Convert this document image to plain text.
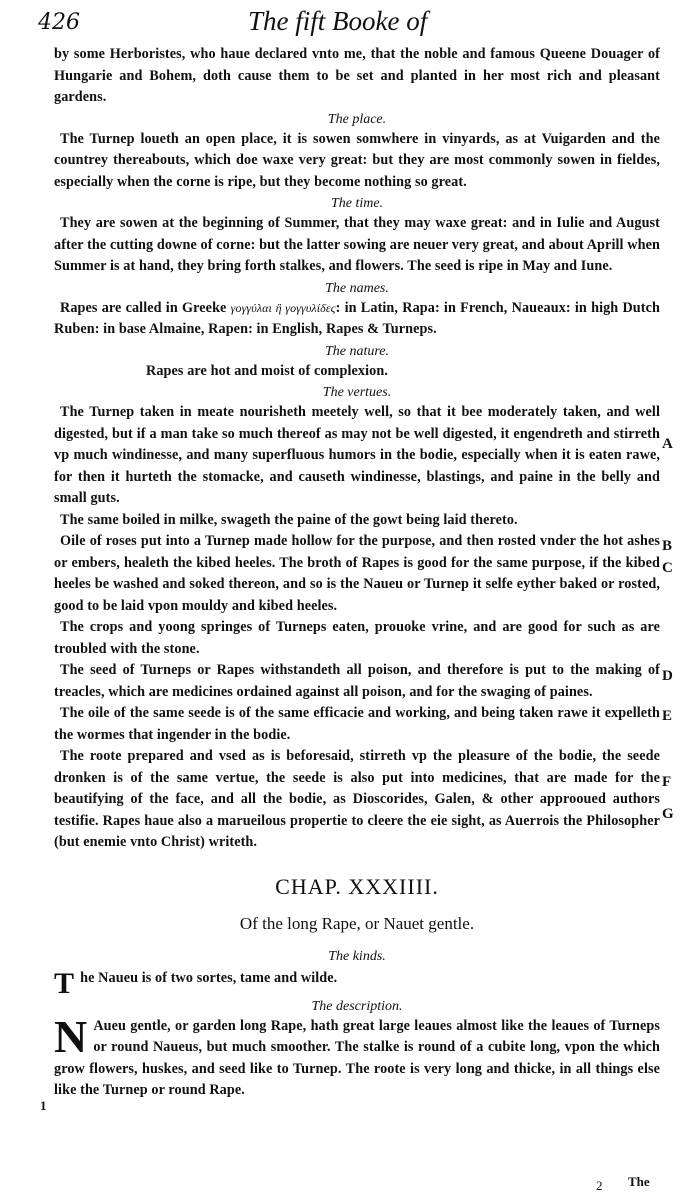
426	The fift Booke of

by some Herboristes, who haue declared vnto me, that the noble and famous Queene Douager of Hungarie and Bohem, doth cause them to be set and planted in her most rich and pleasant gardens.

The place.

The Turnep loueth an open place, it is sowen somwhere in vinyards, as at Vuigarden and the countrey thereabouts, which doe waxe very great: but they are most commonly sowen in fieldes, especially when the corne is ripe, but they become nothing so great.

The time.

They are sowen at the beginning of Summer, that they may waxe great: and in Iulie and August after the cutting downe of corne: but the latter sowing are neuer very great, and about Aprill when Summer is at hand, they bring forth stalkes, and flowers. The seed is ripe in May and Iune.

The names.

Rapes are called in Greeke γογγύλαι ἢ γογγυλίδες: in Latin, Rapa: in French, Naueaux: in high Dutch Ruben: in base Almaine, Rapen: in English, Rapes & Turneps.

The nature.

Rapes are hot and moist of complexion.

The vertues.

The Turnep taken in meate nourisheth meetely well, so that it bee moderately taken, and well digested, but if a man take so much thereof as may not be well digested, it engendreth and stirreth vp much windinesse, and many superfluous humors in the bodie, especially when it is eaten rawe, for then it hurteth the stomacke, and causeth windinesse, blastings, and paine in the belly and small guts.

The same boiled in milke, swageth the paine of the gowt being laid thereto.

Oile of roses put into a Turnep made hollow for the purpose, and then rosted vnder the hot ashes or embers, healeth the kibed heeles. The broth of Rapes is good for the same purpose, if the kibed heeles be washed and soked thereon, and so is the Naueu or Turnep it selfe eyther baked or rosted, good to be laid vpon mouldy and kibed heeles.

The crops and yoong springes of Turneps eaten, prouoke vrine, and are good for such as are troubled with the stone.

The seed of Turneps or Rapes withstandeth all poison, and therefore is put to the making of treacles, which are medicines ordained against all poison, and for the swaging of paines.

The oile of the same seede is of the same efficacie and working, and being taken rawe it expelleth the wormes that ingender in the bodie.

The roote prepared and vsed as is beforesaid, stirreth vp the pleasure of the bodie, the seede dronken is of the same vertue, the seede is also put into medicines, that are made for the beautifying of the face, and all the bodie, as Dioscorides, Galen, & other approoued authors testifie. Rapes haue also a marueilous propertie to cleere the eie sight, as Auerrois the Philosopher (but enemie vnto Christ) writeth.

CHAP. XXXIIII.

Of the long Rape, or Nauet gentle.

The kinds.

The Naueu is of two sortes, tame and wilde.

The description.

N Aueu gentle, or garden long Rape, hath great large leaues almost like the leaues of Turneps or round Naueus, but much smoother. The stalke is round of a cubite long, vpon the which grow flowers, huskes, and seed like to Turnep. The roote is very long and thicke, in all things else like the Turnep or round Rape.

A
B
C
D
E
F
G
1
2 The
